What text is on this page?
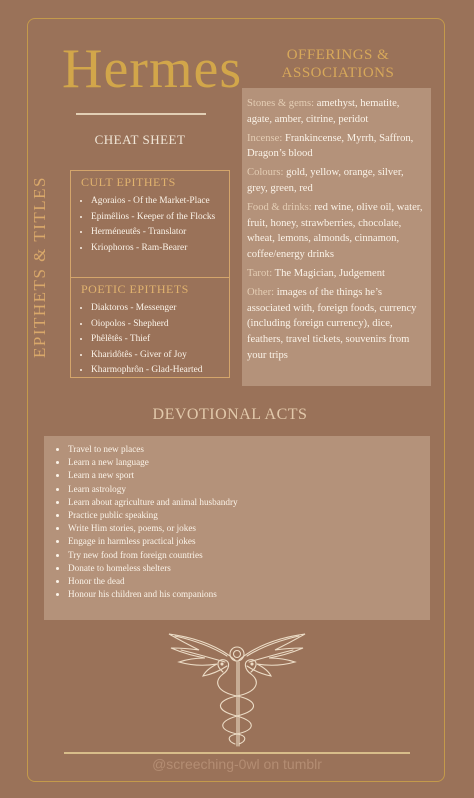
Hermes
CHEAT SHEET
OFFERINGS &
ASSOCIATIONS

Stones & gems: amethyst, hematite, agate, amber, citrine, peridot

Incense: Frankincense, Myrrh, Saffron, Dragon’s blood

Colours: gold, yellow, orange, silver, grey, green, red

Food & drinks: red wine, olive oil, water, fruit, honey, strawberries, chocolate, wheat, lemons, almonds, cinnamon, coffee/energy drinks

Tarot: The Magician, Judgement

Other: images of the things he’s associated with, foreign foods, currency (including foreign currency), dice, feathers, travel tickets, souvenirs from your trips

EPITHETS & TITLES	CULT EPITHETS
• Agoraios - Of the Market-Place
• Epimêlios - Keeper of the Flocks
• Herméneutês - Translator
• Kriophoros - Ram-Bearer
POETIC EPITHETS
• Diaktoros - Messenger
• Oiopolos - Shepherd
• Phêlêtês - Thief
• Kharidôtês - Giver of Joy
• Kharmophrôn - Glad-Hearted
DEVOTIONAL ACTS
• Travel to new places
• Learn a new language
• Learn a new sport
• Learn astrology
• Learn about agriculture and animal husbandry
• Practice public speaking
• Write Him stories, poems, or jokes
• Engage in harmless practical jokes
• Try new food from foreign countries
• Donate to homeless shelters
• Honor the dead
• Honour his children and his companions
@screeching-0wl on tumblr
